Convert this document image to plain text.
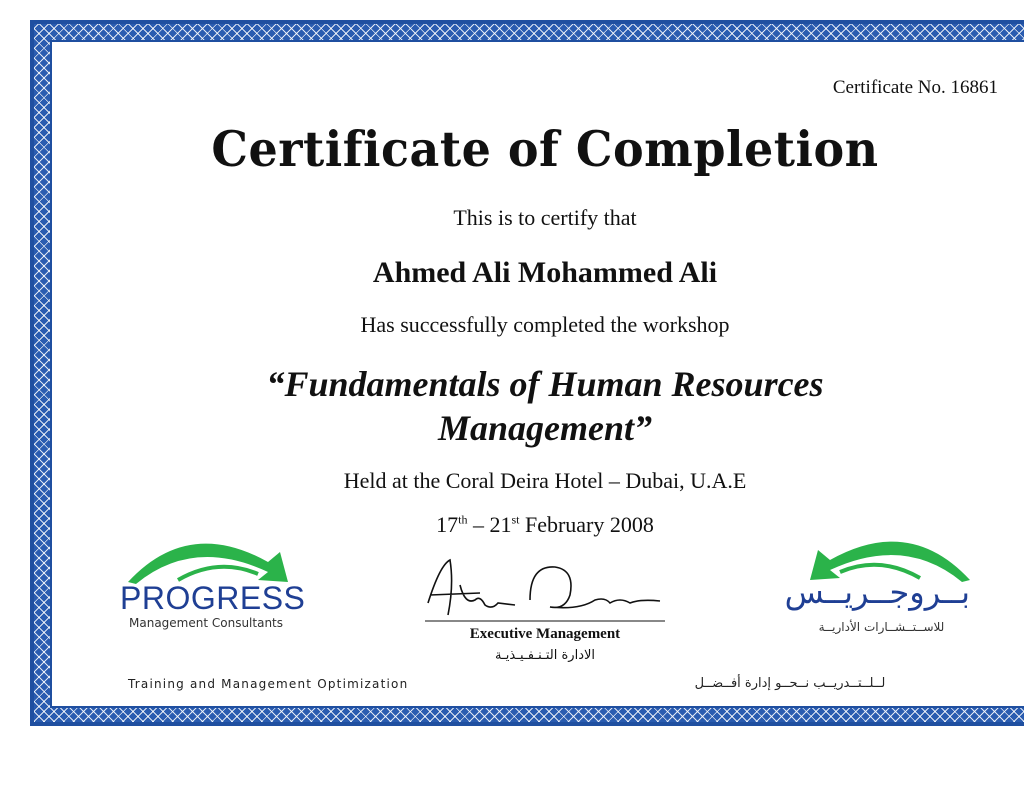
Certificate No. 16861
Certificate of Completion
This is to certify that
Ahmed Ali Mohammed Ali
Has successfully completed the workshop
“Fundamentals of Human Resources
Management”
Held at the Coral Deira Hotel – Dubai, U.A.E
17th – 21st February 2008
PROGRESS
Management Consultants
بــروجــريــس
للاســتــشــارات الأداريــة
Executive Management
الادارة التـنـفـيـذيـة
Training and Management Optimization	لــلــتــدريــب نــحــو إدارة أفــضــل
